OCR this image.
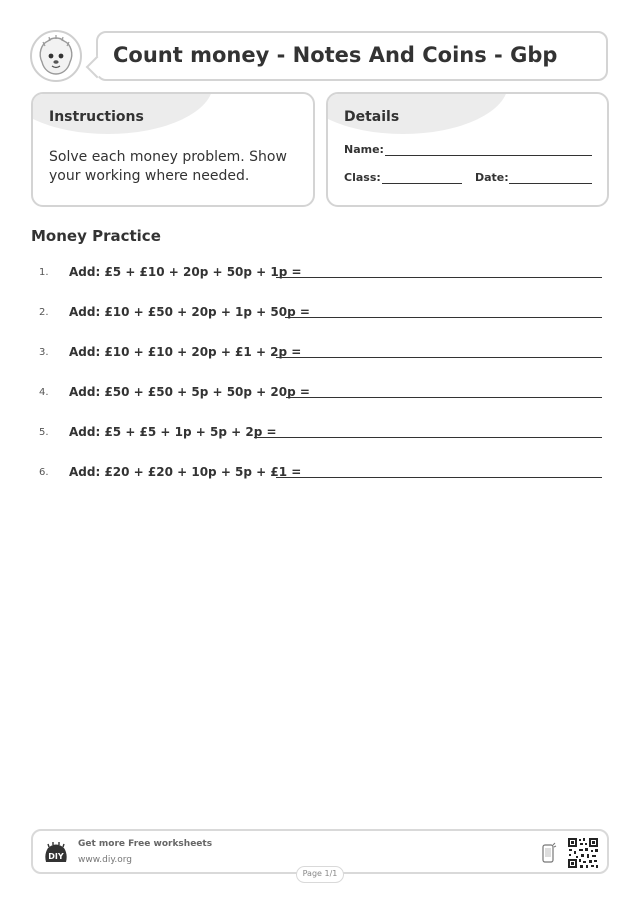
Count money - Notes And Coins - Gbp
Instructions
Solve each money problem. Show your working where needed.
Details
Name:
Class:	Date:
Money Practice
1. Add: £5 + £10 + 20p + 50p + 1p =
2. Add: £10 + £50 + 20p + 1p + 50p =
3. Add: £10 + £10 + 20p + £1 + 2p =
4. Add: £50 + £50 + 5p + 50p + 20p =
5. Add: £5 + £5 + 1p + 5p + 2p =
6. Add: £20 + £20 + 10p + 5p + £1 =
DIY
Get more Free worksheets
www.diy.org
Page 1/1
